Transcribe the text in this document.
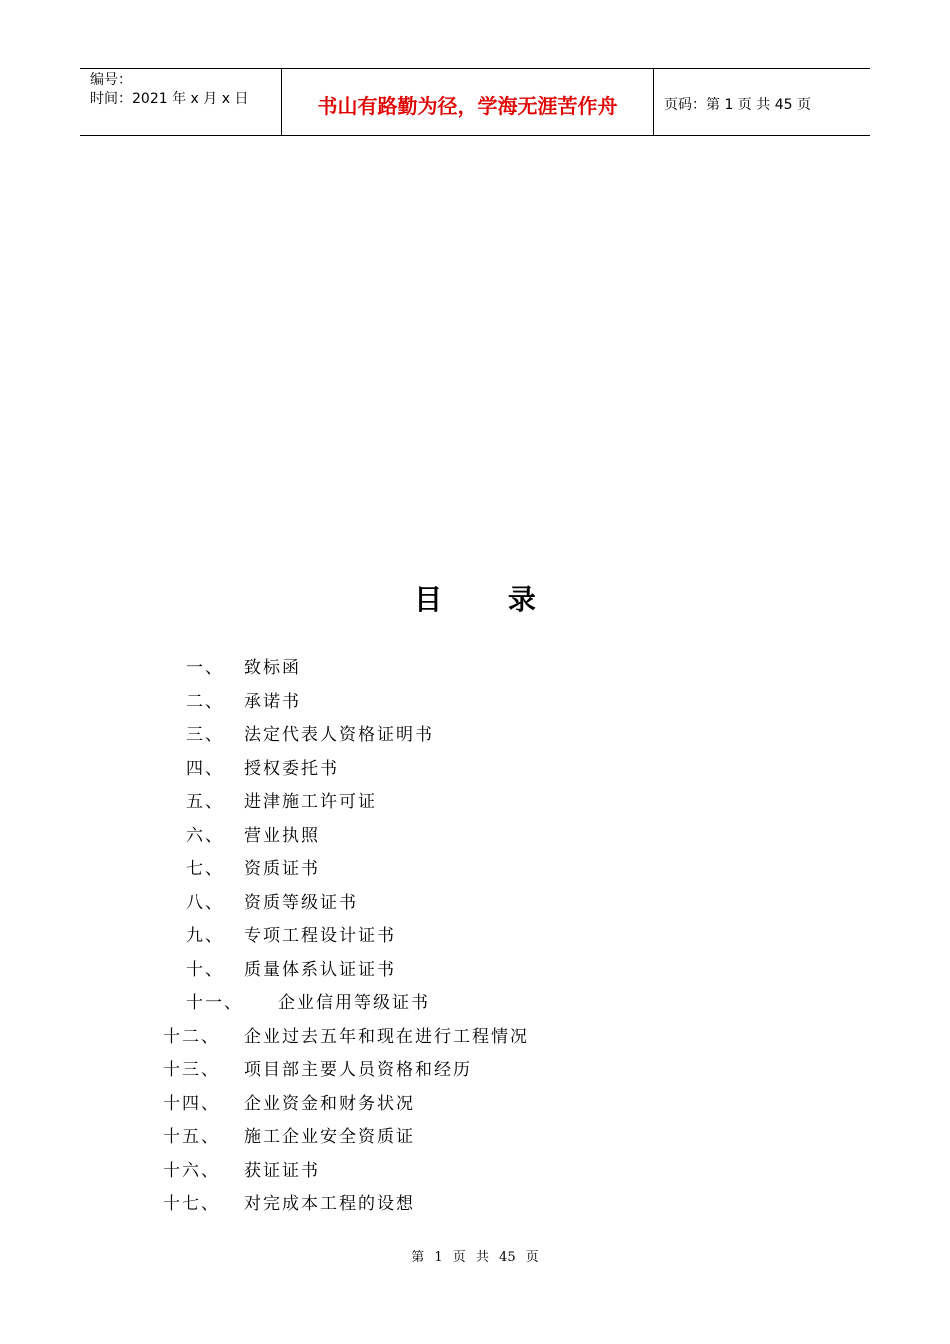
编号：
时间：2021 年 x 月 x 日	书山有路勤为径，学海无涯苦作舟	页码：第 1 页 共 45 页
目 录
一、 致标函
二、 承诺书
三、 法定代表人资格证明书
四、 授权委托书
五、 进津施工许可证
六、 营业执照
七、 资质证书
八、 资质等级证书
九、 专项工程设计证书
十、 质量体系认证证书
十一、 企业信用等级证书
十二、 企业过去五年和现在进行工程情况
十三、 项目部主要人员资格和经历
十四、 企业资金和财务状况
十五、 施工企业安全资质证
十六、 获证证书
十七、 对完成本工程的设想
第 1 页 共 45 页
